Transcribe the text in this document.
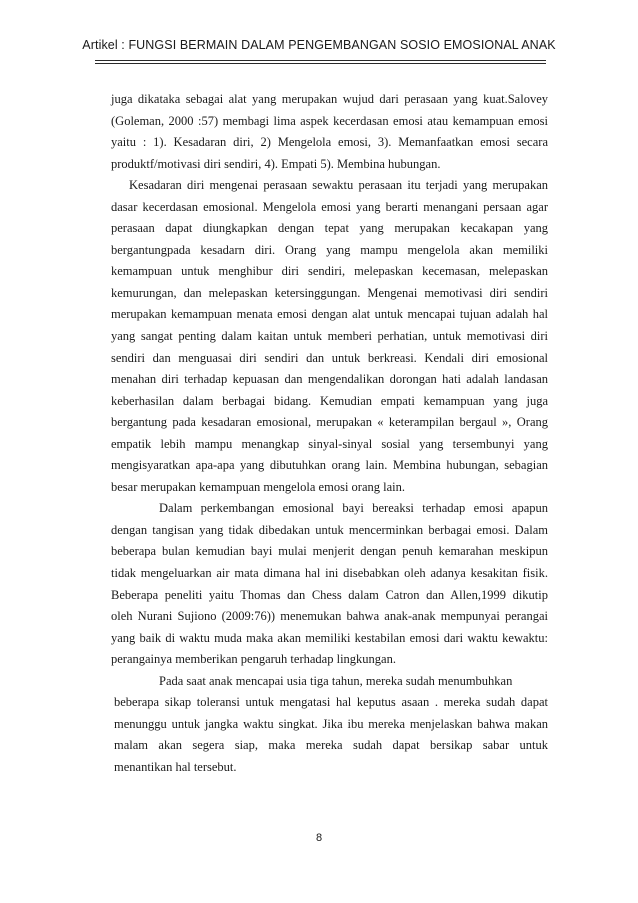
Artikel : FUNGSI BERMAIN DALAM PENGEMBANGAN SOSIO EMOSIONAL ANAK
juga dikataka sebagai alat yang merupakan wujud dari perasaan yang kuat.Salovey
(Goleman, 2000 :57) membagi lima aspek kecerdasan emosi atau kemampuan emosi
yaitu : 1). Kesadaran diri, 2) Mengelola emosi, 3). Memanfaatkan emosi secara
produktf/motivasi diri sendiri, 4). Empati 5). Membina hubungan.
Kesadaran diri mengenai perasaan sewaktu perasaan itu terjadi yang merupakan
dasar kecerdasan emosional. Mengelola emosi yang berarti menangani persaan agar
perasaan dapat diungkapkan dengan tepat yang merupakan kecakapan yang
bergantungpada kesadarn diri. Orang yang mampu mengelola akan memiliki
kemampuan untuk menghibur diri sendiri, melepaskan kecemasan, melepaskan
kemurungan, dan melepaskan ketersinggungan. Mengenai memotivasi diri sendiri
merupakan kemampuan menata emosi dengan alat untuk mencapai tujuan adalah hal
yang sangat penting dalam kaitan untuk memberi perhatian, untuk memotivasi diri
sendiri dan menguasai diri sendiri dan untuk berkreasi. Kendali diri emosional
menahan diri terhadap kepuasan dan mengendalikan dorongan hati adalah landasan
keberhasilan dalam berbagai bidang. Kemudian empati kemampuan yang juga
bergantung pada kesadaran emosional, merupakan « keterampilan bergaul », Orang
empatik lebih mampu menangkap sinyal-sinyal sosial yang tersembunyi yang
mengisyaratkan apa-apa yang dibutuhkan orang lain. Membina hubungan, sebagian
besar merupakan kemampuan mengelola emosi orang lain.
Dalam perkembangan emosional bayi bereaksi terhadap emosi apapun
dengan tangisan yang tidak dibedakan untuk mencerminkan berbagai emosi. Dalam
beberapa bulan kemudian bayi mulai menjerit dengan penuh kemarahan meskipun
tidak mengeluarkan air mata dimana hal ini disebabkan oleh adanya kesakitan fisik.
Beberapa peneliti yaitu Thomas dan Chess dalam Catron dan Allen,1999 dikutip
oleh Nurani Sujiono (2009:76)) menemukan bahwa anak-anak mempunyai perangai
yang baik di waktu muda maka akan memiliki kestabilan emosi dari waktu kewaktu:
perangainya memberikan pengaruh terhadap lingkungan.
Pada saat anak mencapai usia tiga tahun, mereka sudah menumbuhkan
beberapa sikap toleransi untuk mengatasi hal keputus asaan . mereka sudah dapat
menunggu untuk jangka waktu singkat. Jika ibu mereka menjelaskan bahwa makan
malam akan segera siap, maka mereka sudah dapat bersikap sabar untuk
menantikan hal tersebut.
8
